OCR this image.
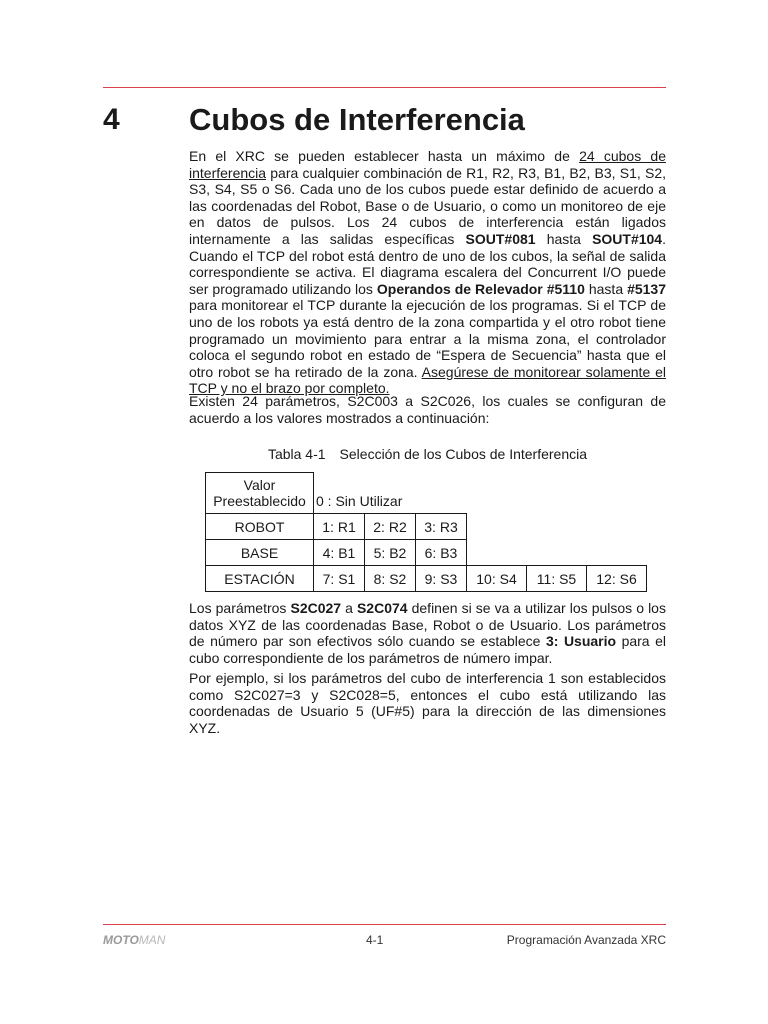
4 Cubos de Interferencia

En el XRC se pueden establecer hasta un máximo de 24 cubos de interferencia para cualquier combinación de R1, R2, R3, B1, B2, B3, S1, S2, S3, S4, S5 o S6. Cada uno de los cubos puede estar definido de acuerdo a las coordenadas del Robot, Base o de Usuario, o como un monitoreo de eje en datos de pulsos. Los 24 cubos de interferencia están ligados internamente a las salidas específicas SOUT#081 hasta SOUT#104. Cuando el TCP del robot está dentro de uno de los cubos, la señal de salida correspondiente se activa. El diagrama escalera del Concurrent I/O puede ser programado utilizando los Operandos de Relevador #5110 hasta #5137 para monitorear el TCP durante la ejecución de los programas. Si el TCP de uno de los robots ya está dentro de la zona compartida y el otro robot tiene programado un movimiento para entrar a la misma zona, el controlador coloca el segundo robot en estado de “Espera de Secuencia” hasta que el otro robot se ha retirado de la zona. Asegúrese de monitorear solamente el TCP y no el brazo por completo.

Existen 24 parámetros, S2C003 a S2C026, los cuales se configuran de acuerdo a los valores mostrados a continuación:

Tabla 4-1 Selección de los Cubos de Interferencia
Valor
Preestablecido	0 : Sin Utilizar					
ROBOT	1: R1	2: R2	3: R3			
BASE	4: B1	5: B2	6: B3			
ESTACIÓN	7: S1	8: S2	9: S3	10: S4	11: S5	12: S6

Los parámetros S2C027 a S2C074 definen si se va a utilizar los pulsos o los datos XYZ de las coordenadas Base, Robot o de Usuario. Los parámetros de número par son efectivos sólo cuando se establece 3: Usuario para el cubo correspondiente de los parámetros de número impar.

Por ejemplo, si los parámetros del cubo de interferencia 1 son establecidos como S2C027=3 y S2C028=5, entonces el cubo está utilizando las coordenadas de Usuario 5 (UF#5) para la dirección de las dimensiones XYZ.

MOTOMAN	4-1	Programación Avanzada XRC
